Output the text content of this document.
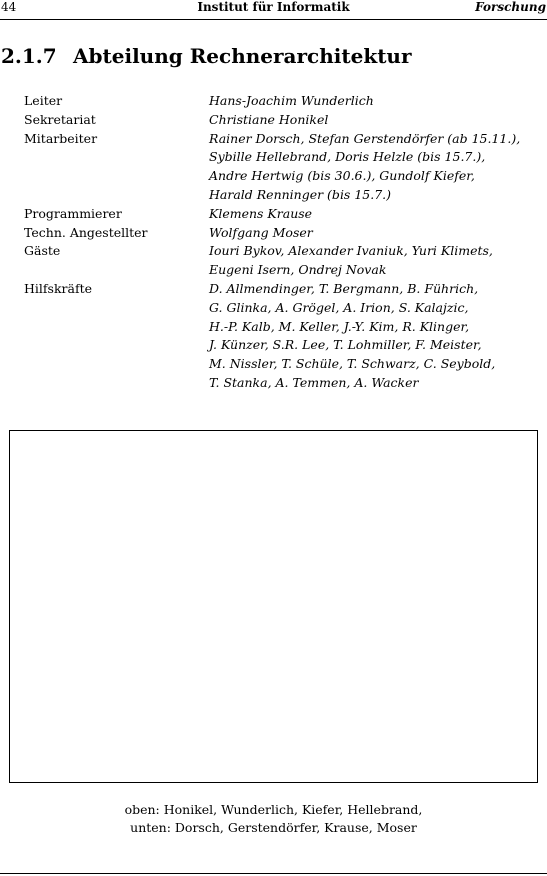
44	Institut für Informatik	Forschung
2.1.7 Abteilung Rechnerarchitektur
Leiter	Hans-Joachim Wunderlich
Sekretariat	Christiane Honikel
Mitarbeiter	Rainer Dorsch, Stefan Gerstendörfer (ab 15.11.),
Sybille Hellebrand, Doris Helzle (bis 15.7.),
Andre Hertwig (bis 30.6.), Gundolf Kiefer,
Harald Renninger (bis 15.7.)
Programmierer	Klemens Krause
Techn. Angestellter	Wolfgang Moser
Gäste	Iouri Bykov, Alexander Ivaniuk, Yuri Klimets,
Eugeni Isern, Ondrej Novak
Hilfskräfte	D. Allmendinger, T. Bergmann, B. Führich,
G. Glinka, A. Grögel, A. Irion, S. Kalajzic,
H.-P. Kalb, M. Keller, J.-Y. Kim, R. Klinger,
J. Künzer, S.R. Lee, T. Lohmiller, F. Meister,
M. Nissler, T. Schüle, T. Schwarz, C. Seybold,
T. Stanka, A. Temmen, A. Wacker
oben: Honikel, Wunderlich, Kiefer, Hellebrand,
unten: Dorsch, Gerstendörfer, Krause, Moser
